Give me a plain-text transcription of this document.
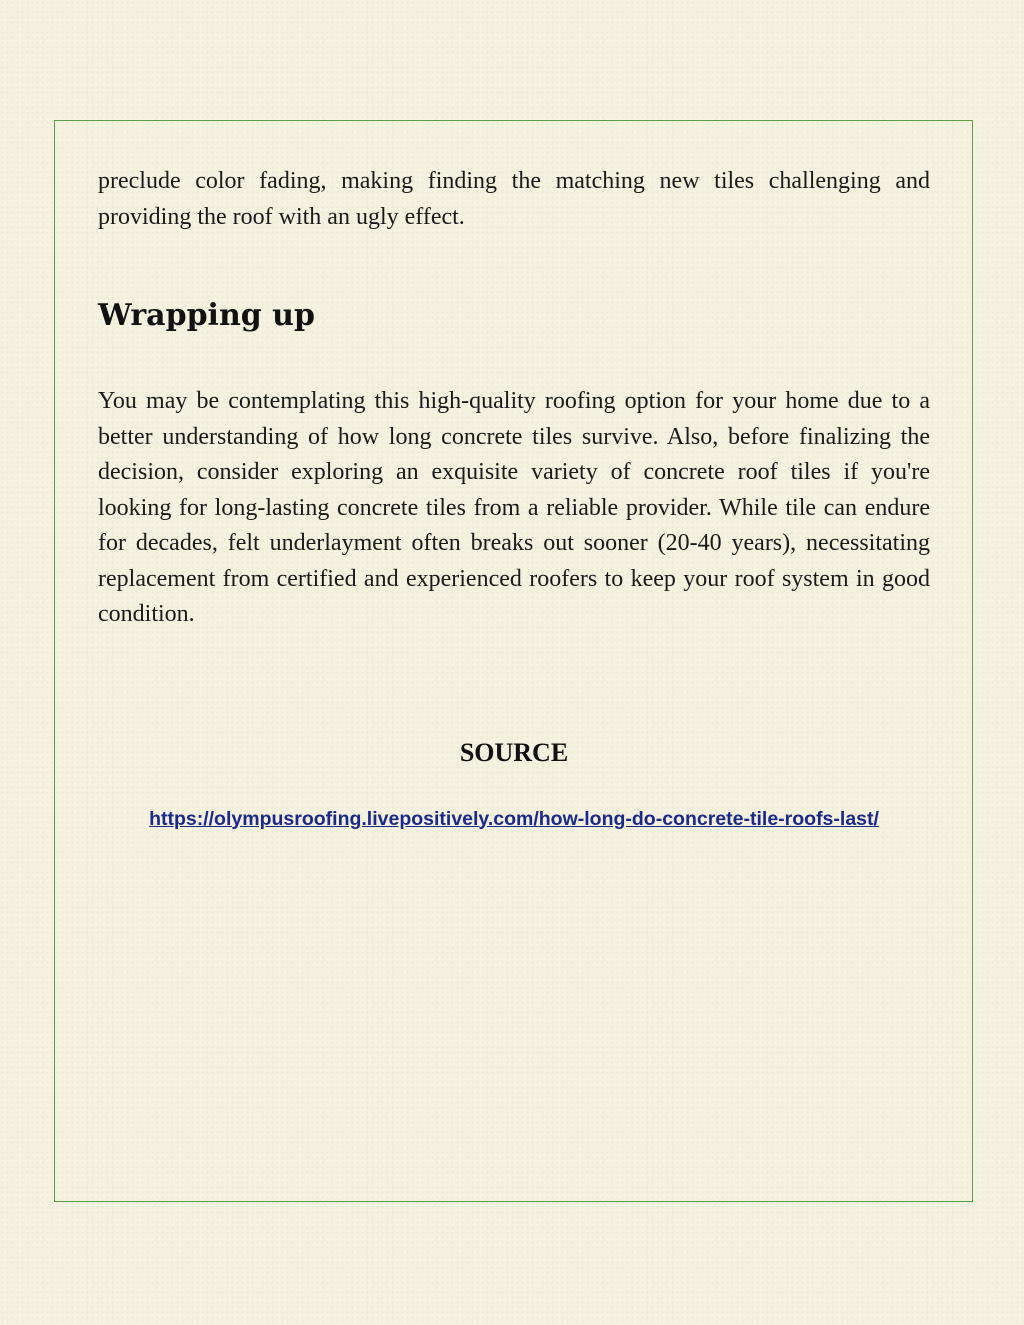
preclude color fading, making finding the matching new tiles challenging and providing the roof with an ugly effect.

Wrapping up

You may be contemplating this high-quality roofing option for your home due to a better understanding of how long concrete tiles survive. Also, before finalizing the decision, consider exploring an exquisite variety of concrete roof tiles if you're looking for long-lasting concrete tiles from a reliable provider. While tile can endure for decades, felt underlayment often breaks out sooner (20-40 years), necessitating replacement from certified and experienced roofers to keep your roof system in good condition.

SOURCE
https://olympusroofing.livepositively.com/how-long-do-concrete-tile-roofs-last/
